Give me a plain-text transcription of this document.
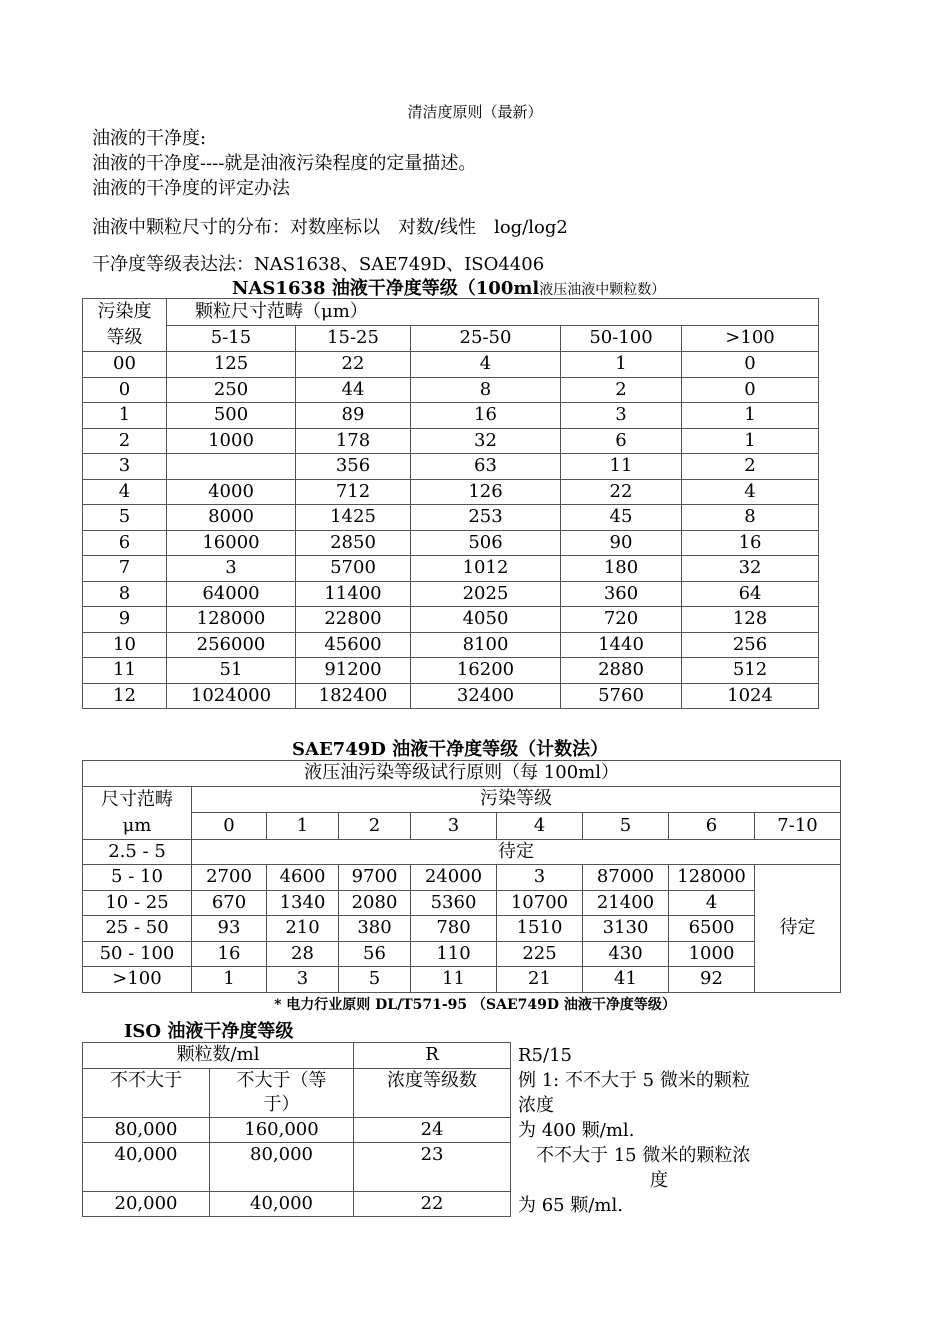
清洁度原则（最新）
油液的干净度:
油液的干净度----就是油液污染程度的定量描述。
油液的干净度的评定办法
油液中颗粒尺寸的分布：对数座标以　对数/线性　log/log2
干净度等级表达法：NAS1638、SAE749D、ISO4406
NAS1638 油液干净度等级（100ml液压油液中颗粒数）
污染度等级	颗粒尺寸范畴（μm）				
	5-15	15-25	25-50	50-100	>100
00	125	22	4	1	0
0	250	44	8	2	0
1	500	89	16	3	1
2	1000	178	32	6	1
3		356	63	11	2
4	4000	712	126	22	4
5	8000	1425	253	45	8
6	16000	2850	506	90	16
7	3	5700	1012	180	32
8	64000	11400	2025	360	64
9	128000	22800	4050	720	128
10	256000	45600	8100	1440	256
11	51	91200	16200	2880	512
12	1024000	182400	32400	5760	1024
SAE749D 油液干净度等级（计数法）
液压油污染等级试行原则（每 100ml）								

尺寸范畴
μm	污染等级							
	0	1	2	3	4	5	6	7-10
2.5 - 5	待定							
5 - 10	2700	4600	9700	24000	3	87000	128000	待定
10 - 25	670	1340	2080	5360	10700	21400	4	
25 - 50	93	210	380	780	1510	3130	6500	
50 - 100	16	28	56	110	225	430	1000	
>100	1	3	5	11	21	41	92	
* 电力行业原则 DL/T571-95 （SAE749D 油液干净度等级）
ISO 油液干净度等级
颗粒数/ml		R
不不大于	不大于（等于）	浓度等级数
80,000	160,000	24
40,000	80,000	23
20,000	40,000	22
R5/15
例 1: 不不大于 5 微米的颗粒
浓度
为 400 颗/ml.
　不不大于 15 微米的颗粒浓
度
为 65 颗/ml.
